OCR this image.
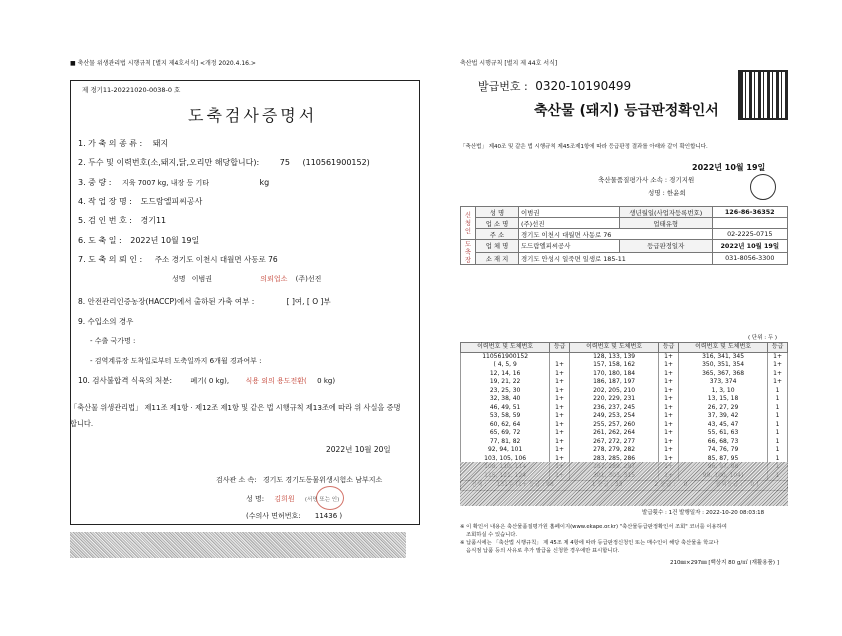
■ 축산물 위생관리법 시행규칙 [별지 제4호서식] <개정 2020.4.16.>
제 경기11-20221020-0038-0 호
도축검사증명서
1. 가 축 의 종 류 : 돼지
2. 두수 및 이력번호(소,돼지,닭,오리만 해당합니다):	75 (110561900152)
3. 중 량 : 지육 7007 kg, 내장 등 기타	kg
4. 작 업 장 명 : 도드람엘피씨공사
5. 검 인 번 호 : 경기11
6. 도 축 일 : 2022년 10월 19일
7. 도 축 의 뢰 인 : 주소 경기도 이천시 대월면 사동로 76
성명 이범권	의뢰업소 (주)선진
8. 안전관리인증농장(HACCP)에서 출하된 가축 여부 :	[ ]여, [ O ]부
9. 수입소의 경우
- 수출 국가명 :
- 검역계류장 도착일로부터 도축일까지 6개월 경과여부 :
10. 검사불합격 식육의 처분:	폐기( 0 kg), 식용 외의 용도전환( 0 kg)
「축산물 위생관리법」 제11조 제1항 · 제12조 제1항 및 같은 법 시행규칙 제13조에 따라 위 사실을 증명
합니다.
2022년 10월 20일
검사관 소 속: 경기도 경기도동물위생시험소 남부지소
성 명: 김희원 (서명 또는 인)
(수의사 면허번호: 11436 )
축산법 시행규칙 [별지 제 44호 서식]
발급번호 : 0320-10190499
축산물 (돼지) 등급판정확인서
「축산법」 제40조 및 같은 법 시행규칙 제45조제1항에 따라 등급판정 결과를 아래와 같이 확인합니다.
2022년 10월 19일
축산물품질평가사 소속 : 경기지원
성명 : 한윤희
신청인	성 명	이범권	생년월일(사업자등록번호)	126-86-36352
	업 소 명	(주)선진	업태유형	
	주 소	경기도 이천시 대월면 사동로 76		02-2225-0715
도축장	업 체 명	도드람엘피씨공사	등급판정일자	2022년 10월 19일
	소 재 지	경기도 안성시 일죽면 일생로 185-11		031-8056-3300
( 단위 : 두 )
이력번호 및 도체번호	등급	이력번호 및 도체번호	등급	이력번호 및 도체번호	등급
110561900152		128, 133, 139	1+	316, 341, 345	1+
( 4, 5, 9	1+	157, 158, 162	1+	350, 351, 354	1+
12, 14, 16	1+	170, 180, 184	1+	365, 367, 368	1+
19, 21, 22	1+	186, 187, 197	1+	373, 374	1+
23, 25, 30	1+	202, 205, 210	1+	1, 3, 10	1
32, 38, 40	1+	220, 229, 231	1+	13, 15, 18	1
46, 49, 51	1+	236, 237, 245	1+	26, 27, 29	1
53, 58, 59	1+	249, 253, 254	1+	37, 39, 42	1
60, 62, 64	1+	255, 257, 260	1+	43, 45, 47	1
65, 69, 72	1+	261, 262, 264	1+	55, 61, 63	1
77, 81, 82	1+	267, 272, 277	1+	66, 68, 73	1
92, 94, 101	1+	278, 279, 282	1+	74, 76, 79	1
103, 105, 106	1+	283, 285, 286	1+	85, 87, 95	1

발급횟수 : 1건 발행일자 : 2022-10-20 08:03:18
※ 이 확인서 내용은 축산물품질평가원 홈페이지(www.ekape.or.kr) "축산물등급판정확인서 조회" 코너를 이용하여
조회하실 수 있습니다.
※ 납품시에는 「축산법 시행규칙」 제 45조 제 4항에 따라 등급판정신청인 또는 매수인이 해당 축산물을 학교나
음식점 납품 등의 사유로 추가 발급을 신청한 경우에만 표시합니다.
210㎜×297㎜ [백상지 80 g/㎡ (재활용품) ]
